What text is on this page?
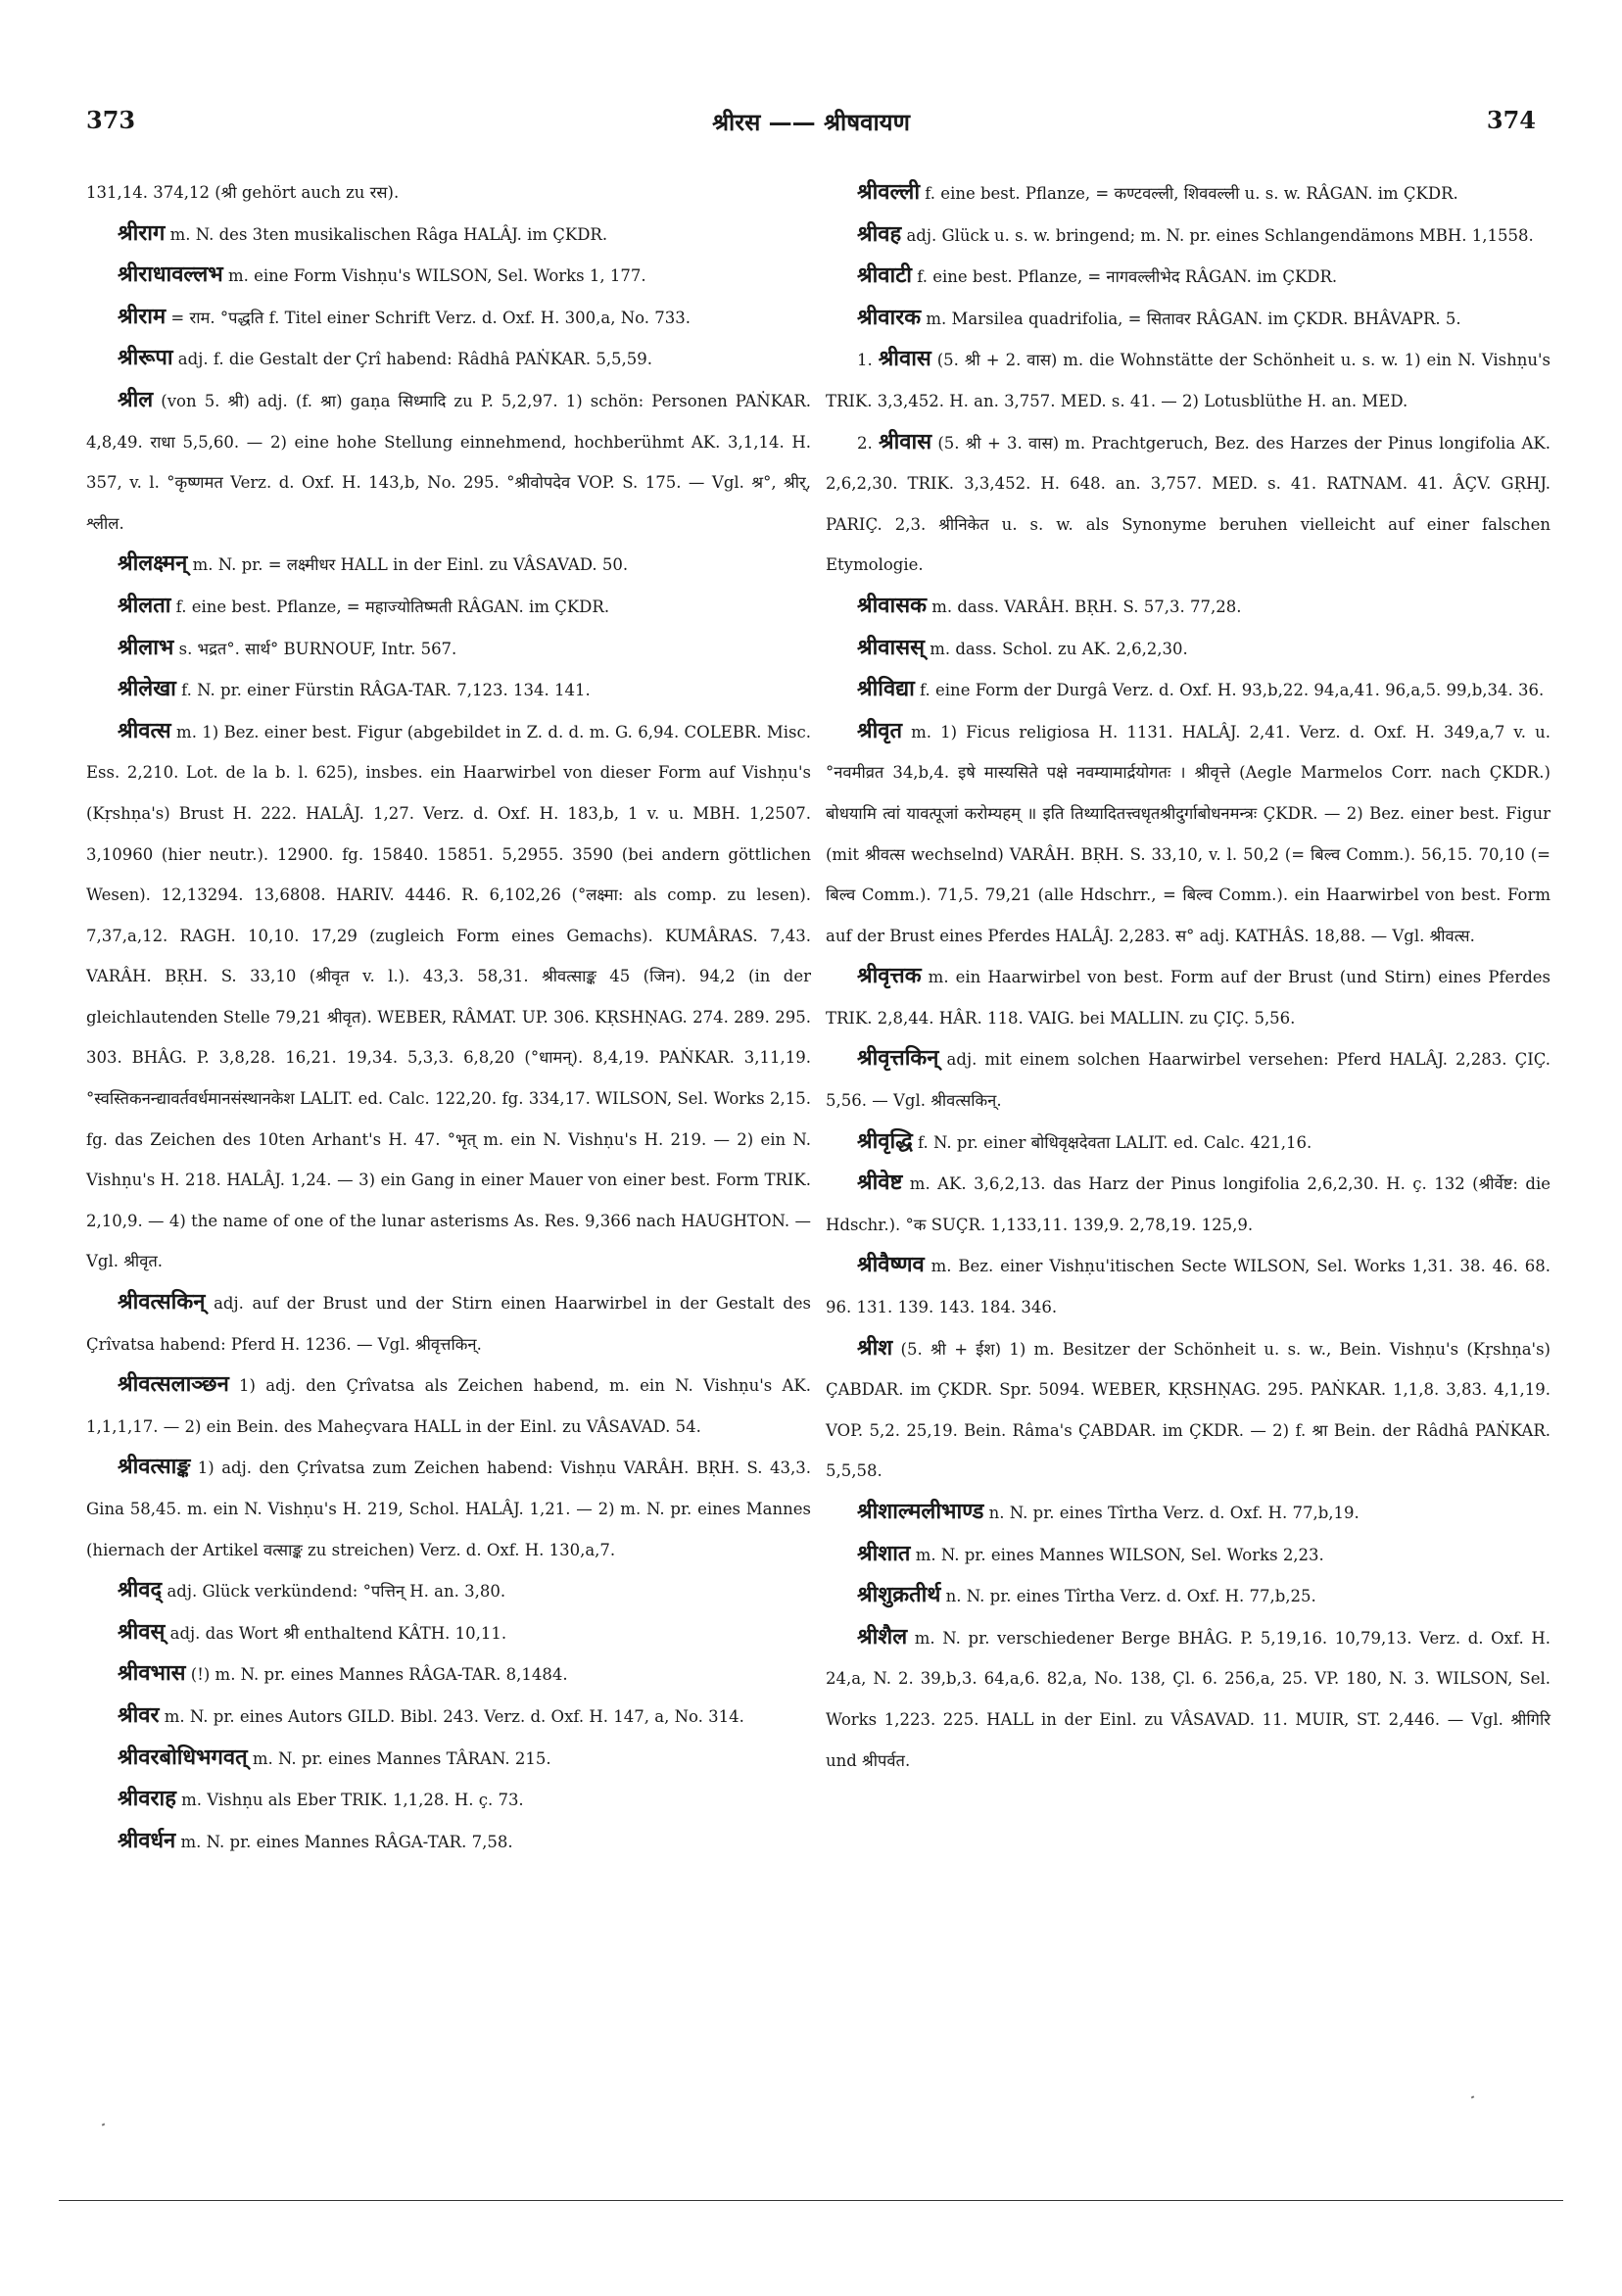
373	श्रीरस —— श्रीषवायण	374

131,14. 374,12 (श्री gehört auch zu रस).

श्रीराग m. N. des 3ten musikalischen Râga HALÂJ. im ÇKDR.

श्रीराधावल्लभ m. eine Form Vishṇu's WILSON, Sel. Works 1, 177.

श्रीराम = राम. °पद्धति f. Titel einer Schrift Verz. d. Oxf. H. 300,a, No. 733.

श्रीरूपा adj. f. die Gestalt der Çrî habend: Râdhâ PAṄKAR. 5,5,59.

श्रील (von 5. श्री) adj. (f. श्रा) gaṇa सिध्मादि zu P. 5,2,97. 1) schön: Personen PAṄKAR. 4,8,49. राधा 5,5,60. — 2) eine hohe Stellung einnehmend, hochberühmt AK. 3,1,14. H. 357, v. l. °कृष्णमत Verz. d. Oxf. H. 143,b, No. 295. °श्रीवोपदेव VOP. S. 175. — Vgl. श्र°, श्रीर्, श्लील.

श्रीलक्ष्मन् m. N. pr. = लक्ष्मीधर HALL in der Einl. zu VÂSAVAD. 50.

श्रीलता f. eine best. Pflanze, = महाज्योतिष्मती RÂGAN. im ÇKDR.

श्रीलाभ s. भद्रत°. सार्थ° BURNOUF, Intr. 567.

श्रीलेखा f. N. pr. einer Fürstin RÂGA-TAR. 7,123. 134. 141.

श्रीवत्स m. 1) Bez. einer best. Figur (abgebildet in Z. d. d. m. G. 6,94. COLEBR. Misc. Ess. 2,210. Lot. de la b. l. 625), insbes. ein Haarwirbel von dieser Form auf Vishṇu's (Kṛshṇa's) Brust H. 222. HALÂJ. 1,27. Verz. d. Oxf. H. 183,b, 1 v. u. MBH. 1,2507. 3,10960 (hier neutr.). 12900. fg. 15840. 15851. 5,2955. 3590 (bei andern göttlichen Wesen). 12,13294. 13,6808. HARIV. 4446. R. 6,102,26 (°लक्ष्मा: als comp. zu lesen). 7,37,a,12. RAGH. 10,10. 17,29 (zugleich Form eines Gemachs). KUMÂRAS. 7,43. VARÂH. BṚH. S. 33,10 (श्रीवृत v. l.). 43,3. 58,31. श्रीवत्साङ्क 45 (जिन). 94,2 (in der gleichlautenden Stelle 79,21 श्रीवृत). WEBER, RÂMAT. UP. 306. KṚSHṆAG. 274. 289. 295. 303. BHÂG. P. 3,8,28. 16,21. 19,34. 5,3,3. 6,8,20 (°धामन्). 8,4,19. PAṄKAR. 3,11,19. °स्वस्तिकनन्द्यावर्तवर्धमानसंस्थानकेश LALIT. ed. Calc. 122,20. fg. 334,17. WILSON, Sel. Works 2,15. fg. das Zeichen des 10ten Arhant's H. 47. °भृत् m. ein N. Vishṇu's H. 219. — 2) ein N. Vishṇu's H. 218. HALÂJ. 1,24. — 3) ein Gang in einer Mauer von einer best. Form TRIK. 2,10,9. — 4) the name of one of the lunar asterisms As. Res. 9,366 nach HAUGHTON. — Vgl. श्रीवृत.

श्रीवत्सकिन् adj. auf der Brust und der Stirn einen Haarwirbel in der Gestalt des Çrîvatsa habend: Pferd H. 1236. — Vgl. श्रीवृत्तकिन्.

श्रीवत्सलाञ्छन 1) adj. den Çrîvatsa als Zeichen habend, m. ein N. Vishṇu's AK. 1,1,1,17. — 2) ein Bein. des Maheçvara HALL in der Einl. zu VÂSAVAD. 54.

श्रीवत्साङ्क 1) adj. den Çrîvatsa zum Zeichen habend: Vishṇu VARÂH. BṚH. S. 43,3. Gina 58,45. m. ein N. Vishṇu's H. 219, Schol. HALÂJ. 1,21. — 2) m. N. pr. eines Mannes (hiernach der Artikel वत्साङ्क zu streichen) Verz. d. Oxf. H. 130,a,7.

श्रीवद् adj. Glück verkündend: °पत्तिन् H. an. 3,80.

श्रीवस् adj. das Wort श्री enthaltend KÂTH. 10,11.

श्रीवभास (!) m. N. pr. eines Mannes RÂGA-TAR. 8,1484.

श्रीवर m. N. pr. eines Autors GILD. Bibl. 243. Verz. d. Oxf. H. 147, a, No. 314.

श्रीवरबोधिभगवत् m. N. pr. eines Mannes TÂRAN. 215.

श्रीवराह m. Vishṇu als Eber TRIK. 1,1,28. H. ç. 73.

श्रीवर्धन m. N. pr. eines Mannes RÂGA-TAR. 7,58.

श्रीवल्ली f. eine best. Pflanze, = कण्टवल्ली, शिववल्ली u. s. w. RÂGAN. im ÇKDR.

श्रीवह adj. Glück u. s. w. bringend; m. N. pr. eines Schlangendämons MBH. 1,1558.

श्रीवाटी f. eine best. Pflanze, = नागवल्लीभेद RÂGAN. im ÇKDR.

श्रीवारक m. Marsilea quadrifolia, = सितावर RÂGAN. im ÇKDR. BHÂVAPR. 5.

1. श्रीवास (5. श्री + 2. वास) m. die Wohnstätte der Schönheit u. s. w. 1) ein N. Vishṇu's TRIK. 3,3,452. H. an. 3,757. MED. s. 41. — 2) Lotusblüthe H. an. MED.

2. श्रीवास (5. श्री + 3. वास) m. Prachtgeruch, Bez. des Harzes der Pinus longifolia AK. 2,6,2,30. TRIK. 3,3,452. H. 648. an. 3,757. MED. s. 41. RATNAM. 41. ÂÇV. GṚHJ. PARIÇ. 2,3. श्रीनिकेत u. s. w. als Synonyme beruhen vielleicht auf einer falschen Etymologie.

श्रीवासक m. dass. VARÂH. BṚH. S. 57,3. 77,28.

श्रीवासस् m. dass. Schol. zu AK. 2,6,2,30.

श्रीविद्या f. eine Form der Durgâ Verz. d. Oxf. H. 93,b,22. 94,a,41. 96,a,5. 99,b,34. 36.

श्रीवृत m. 1) Ficus religiosa H. 1131. HALÂJ. 2,41. Verz. d. Oxf. H. 349,a,7 v. u. °नवमीव्रत 34,b,4. इषे मास्यसिते पक्षे नवम्यामार्द्रयोगतः । श्रीवृत्ते (Aegle Marmelos Corr. nach ÇKDR.) बोधयामि त्वां यावत्पूजां करोम्यहम् ॥ इति तिथ्यादितत्त्वधृतश्रीदुर्गाबोधनमन्त्रः ÇKDR. — 2) Bez. einer best. Figur (mit श्रीवत्स wechselnd) VARÂH. BṚH. S. 33,10, v. l. 50,2 (= बिल्व Comm.). 56,15. 70,10 (= बिल्व Comm.). 71,5. 79,21 (alle Hdschrr., = बिल्व Comm.). ein Haarwirbel von best. Form auf der Brust eines Pferdes HALÂJ. 2,283. स° adj. KATHÂS. 18,88. — Vgl. श्रीवत्स.

श्रीवृत्तक m. ein Haarwirbel von best. Form auf der Brust (und Stirn) eines Pferdes TRIK. 2,8,44. HÂR. 118. VAIG. bei MALLIN. zu ÇIÇ. 5,56.

श्रीवृत्तकिन् adj. mit einem solchen Haarwirbel versehen: Pferd HALÂJ. 2,283. ÇIÇ. 5,56. — Vgl. श्रीवत्सकिन्.

श्रीवृद्धि f. N. pr. einer बोधिवृक्षदेवता LALIT. ed. Calc. 421,16.

श्रीवेष्ट m. AK. 3,6,2,13. das Harz der Pinus longifolia 2,6,2,30. H. ç. 132 (श्रीर्वेष्ट: die Hdschr.). °क SUÇR. 1,133,11. 139,9. 2,78,19. 125,9.

श्रीवैष्णव m. Bez. einer Vishṇu'itischen Secte WILSON, Sel. Works 1,31. 38. 46. 68. 96. 131. 139. 143. 184. 346.

श्रीश (5. श्री + ईश) 1) m. Besitzer der Schönheit u. s. w., Bein. Vishṇu's (Kṛshṇa's) ÇABDAR. im ÇKDR. Spr. 5094. WEBER, KṚSHṆAG. 295. PAṄKAR. 1,1,8. 3,83. 4,1,19. VOP. 5,2. 25,19. Bein. Râma's ÇABDAR. im ÇKDR. — 2) f. श्रा Bein. der Râdhâ PAṄKAR. 5,5,58.

श्रीशाल्मलीभाण्ड n. N. pr. eines Tîrtha Verz. d. Oxf. H. 77,b,19.

श्रीशात m. N. pr. eines Mannes WILSON, Sel. Works 2,23.

श्रीशुक्रतीर्थ n. N. pr. eines Tîrtha Verz. d. Oxf. H. 77,b,25.

श्रीशैल m. N. pr. verschiedener Berge BHÂG. P. 5,19,16. 10,79,13. Verz. d. Oxf. H. 24,a, N. 2. 39,b,3. 64,a,6. 82,a, No. 138, Çl. 6. 256,a, 25. VP. 180, N. 3. WILSON, Sel. Works 1,223. 225. HALL in der Einl. zu VÂSAVAD. 11. MUIR, ST. 2,446. — Vgl. श्रीगिरि und श्रीपर्वत.
